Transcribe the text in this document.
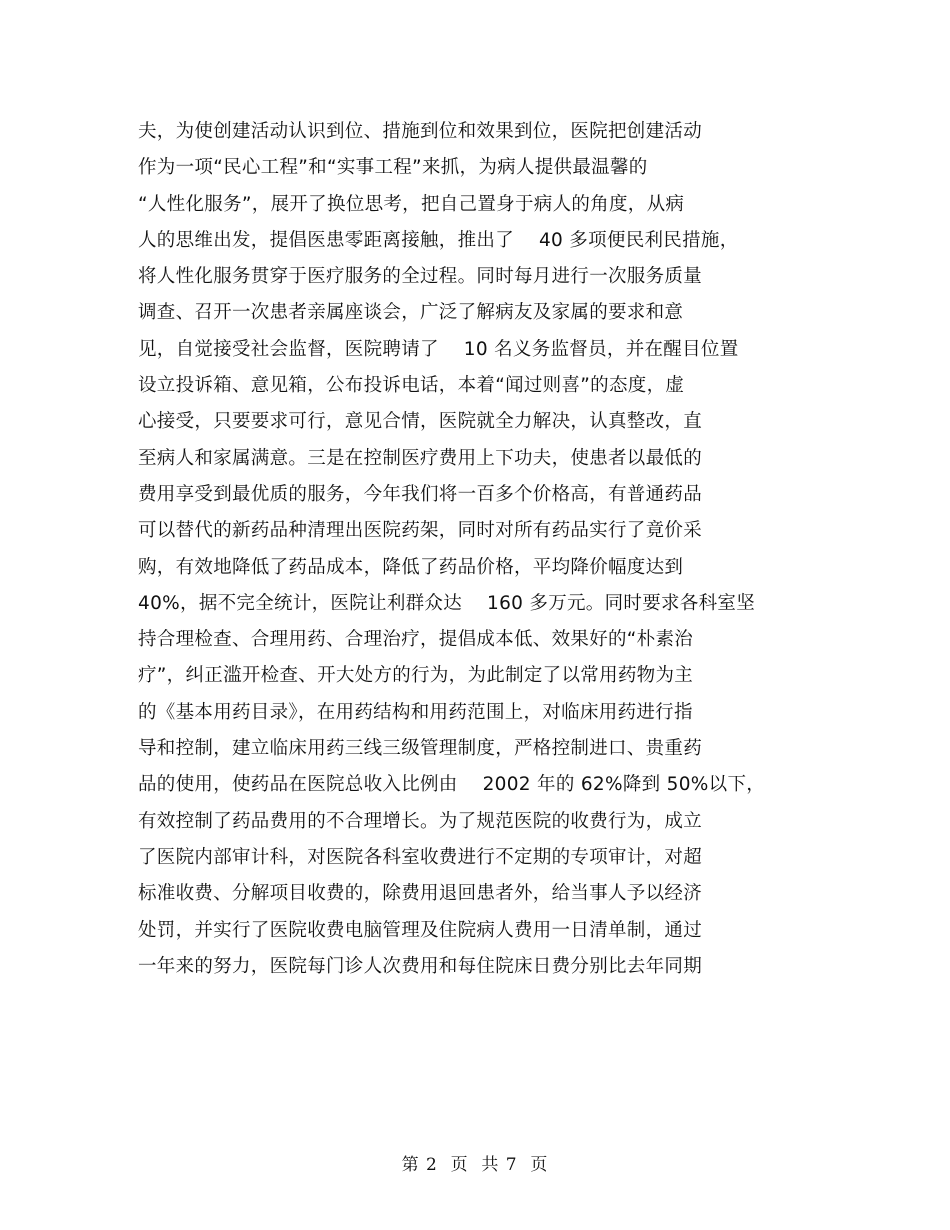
夫，为使创建活动认识到位、措施到位和效果到位，医院把创建活动
作为一项“民心工程”和“实事工程”来抓，为病人提供最温馨的
“人性化服务”，展开了换位思考，把自己置身于病人的角度，从病
人的思维出发，提倡医患零距离接触，推出了　 40 多项便民利民措施，
将人性化服务贯穿于医疗服务的全过程。同时每月进行一次服务质量
调查、召开一次患者亲属座谈会，广泛了解病友及家属的要求和意
见，自觉接受社会监督，医院聘请了　 10 名义务监督员，并在醒目位置
设立投诉箱、意见箱，公布投诉电话，本着“闻过则喜”的态度，虚
心接受，只要要求可行，意见合情，医院就全力解决，认真整改，直
至病人和家属满意。三是在控制医疗费用上下功夫，使患者以最低的
费用享受到最优质的服务，今年我们将一百多个价格高，有普通药品
可以替代的新药品种清理出医院药架，同时对所有药品实行了竟价采
购，有效地降低了药品成本，降低了药品价格，平均降价幅度达到
40%，据不完全统计，医院让利群众达　 160 多万元。同时要求各科室坚
持合理检查、合理用药、合理治疗，提倡成本低、效果好的“朴素治
疗”，纠正滥开检查、开大处方的行为，为此制定了以常用药物为主
的《基本用药目录》，在用药结构和用药范围上，对临床用药进行指
导和控制，建立临床用药三线三级管理制度，严格控制进口、贵重药
品的使用，使药品在医院总收入比例由　 2002 年的 62%降到 50%以下，
有效控制了药品费用的不合理增长。为了规范医院的收费行为，成立
了医院内部审计科，对医院各科室收费进行不定期的专项审计，对超
标准收费、分解项目收费的，除费用退回患者外，给当事人予以经济
处罚，并实行了医院收费电脑管理及住院病人费用一日清单制，通过
一年来的努力，医院每门诊人次费用和每住院床日费分别比去年同期
第 2  页  共 7  页
